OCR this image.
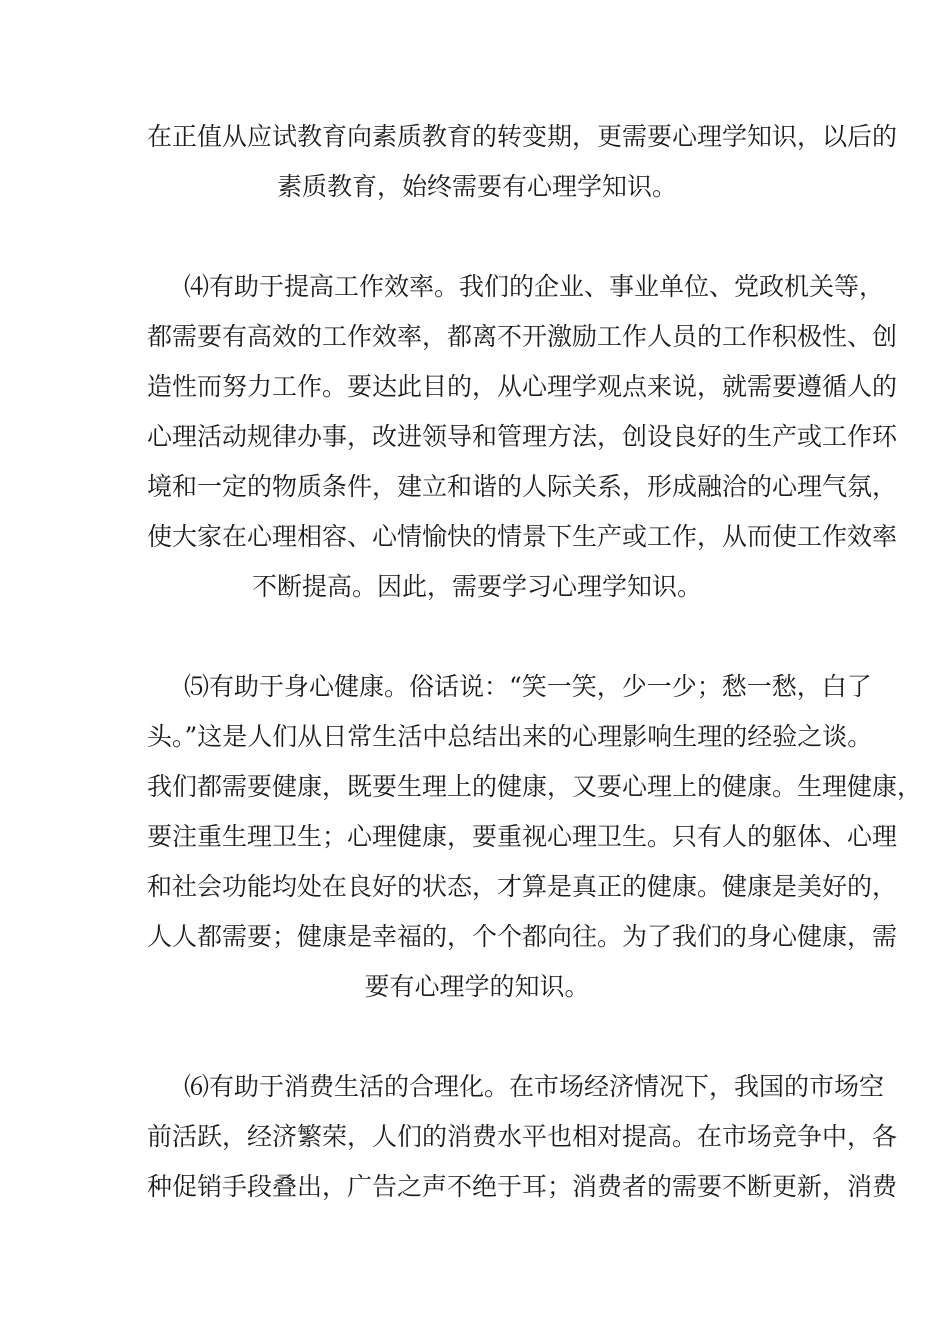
在正值从应试教育向素质教育的转变期，更需要心理学知识，以后的
素质教育，始终需要有心理学知识。
⑷有助于提高工作效率。我们的企业、事业单位、党政机关等，
都需要有高效的工作效率，都离不开激励工作人员的工作积极性、创
造性而努力工作。要达此目的，从心理学观点来说，就需要遵循人的
心理活动规律办事，改进领导和管理方法，创设良好的生产或工作环
境和一定的物质条件，建立和谐的人际关系，形成融洽的心理气氛，
使大家在心理相容、心情愉快的情景下生产或工作，从而使工作效率
不断提高。因此，需要学习心理学知识。
⑸有助于身心健康。俗话说：“笑一笑，少一少；愁一愁，白了
头。”这是人们从日常生活中总结出来的心理影响生理的经验之谈。
我们都需要健康，既要生理上的健康，又要心理上的健康。生理健康，
要注重生理卫生；心理健康，要重视心理卫生。只有人的躯体、心理
和社会功能均处在良好的状态，才算是真正的健康。健康是美好的，
人人都需要；健康是幸福的，个个都向往。为了我们的身心健康，需
要有心理学的知识。
⑹有助于消费生活的合理化。在市场经济情况下，我国的市场空
前活跃，经济繁荣，人们的消费水平也相对提高。在市场竞争中，各
种促销手段叠出，广告之声不绝于耳；消费者的需要不断更新，消费
